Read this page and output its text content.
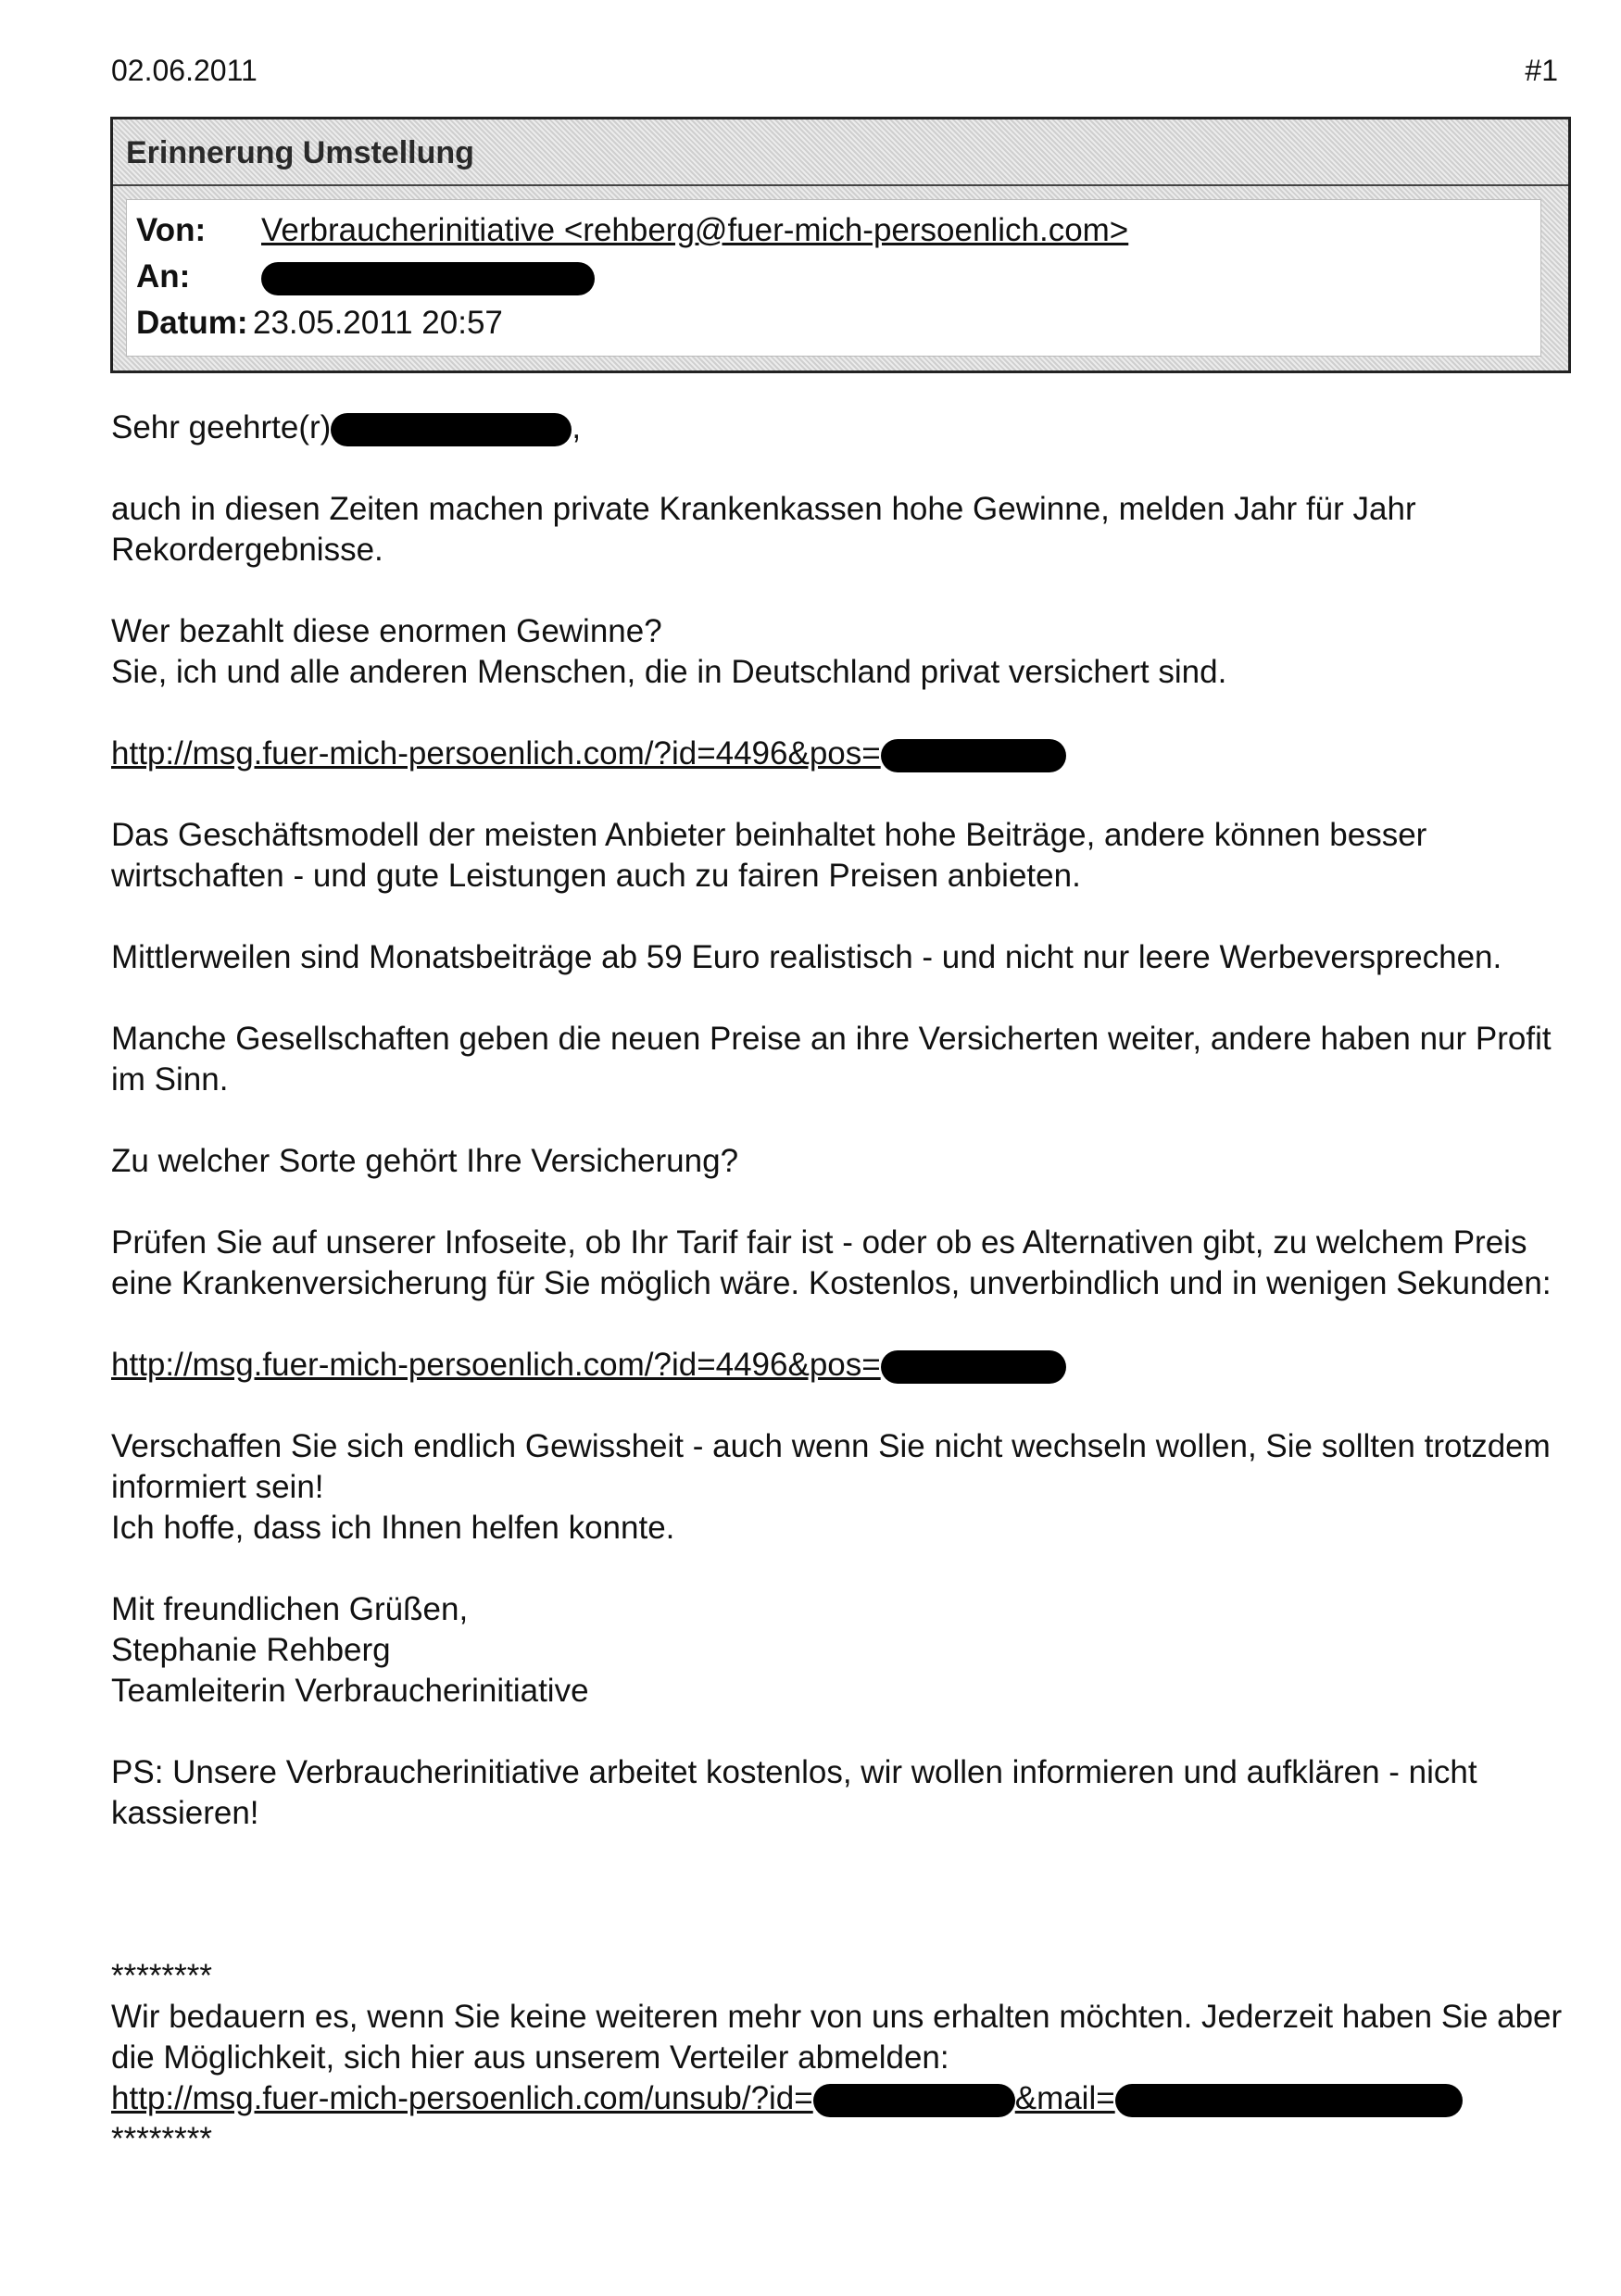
02.06.2011	#1
Erinnerung Umstellung
Von: Verbraucherinitiative <rehberg@fuer-mich-persoenlich.com>
An:
Datum: 23.05.2011 20:57

Sehr geehrte(r)	,

auch in diesen Zeiten machen private Krankenkassen hohe Gewinne, melden Jahr für Jahr Rekordergebnisse.

Wer bezahlt diese enormen Gewinne?
Sie, ich und alle anderen Menschen, die in Deutschland privat versichert sind.

http://msg.fuer-mich-persoenlich.com/?id=4496&pos=

Das Geschäftsmodell der meisten Anbieter beinhaltet hohe Beiträge, andere können besser wirtschaften - und gute Leistungen auch zu fairen Preisen anbieten.

Mittlerweilen sind Monatsbeiträge ab 59 Euro realistisch - und nicht nur leere Werbeversprechen.

Manche Gesellschaften geben die neuen Preise an ihre Versicherten weiter, andere haben nur Profit im Sinn.

Zu welcher Sorte gehört Ihre Versicherung?

Prüfen Sie auf unserer Infoseite, ob Ihr Tarif fair ist - oder ob es Alternativen gibt, zu welchem Preis eine Krankenversicherung für Sie möglich wäre. Kostenlos, unverbindlich und in wenigen Sekunden:

http://msg.fuer-mich-persoenlich.com/?id=4496&pos=

Verschaffen Sie sich endlich Gewissheit - auch wenn Sie nicht wechseln wollen, Sie sollten trotzdem informiert sein!
Ich hoffe, dass ich Ihnen helfen konnte.

Mit freundlichen Grüßen,
Stephanie Rehberg
Teamleiterin Verbraucherinitiative

PS: Unsere Verbraucherinitiative arbeitet kostenlos, wir wollen informieren und aufklären - nicht kassieren!

********
Wir bedauern es, wenn Sie keine weiteren mehr von uns erhalten möchten. Jederzeit haben Sie aber die Möglichkeit, sich hier aus unserem Verteiler abmelden:
http://msg.fuer-mich-persoenlich.com/unsub/?id=	&mail=
********
